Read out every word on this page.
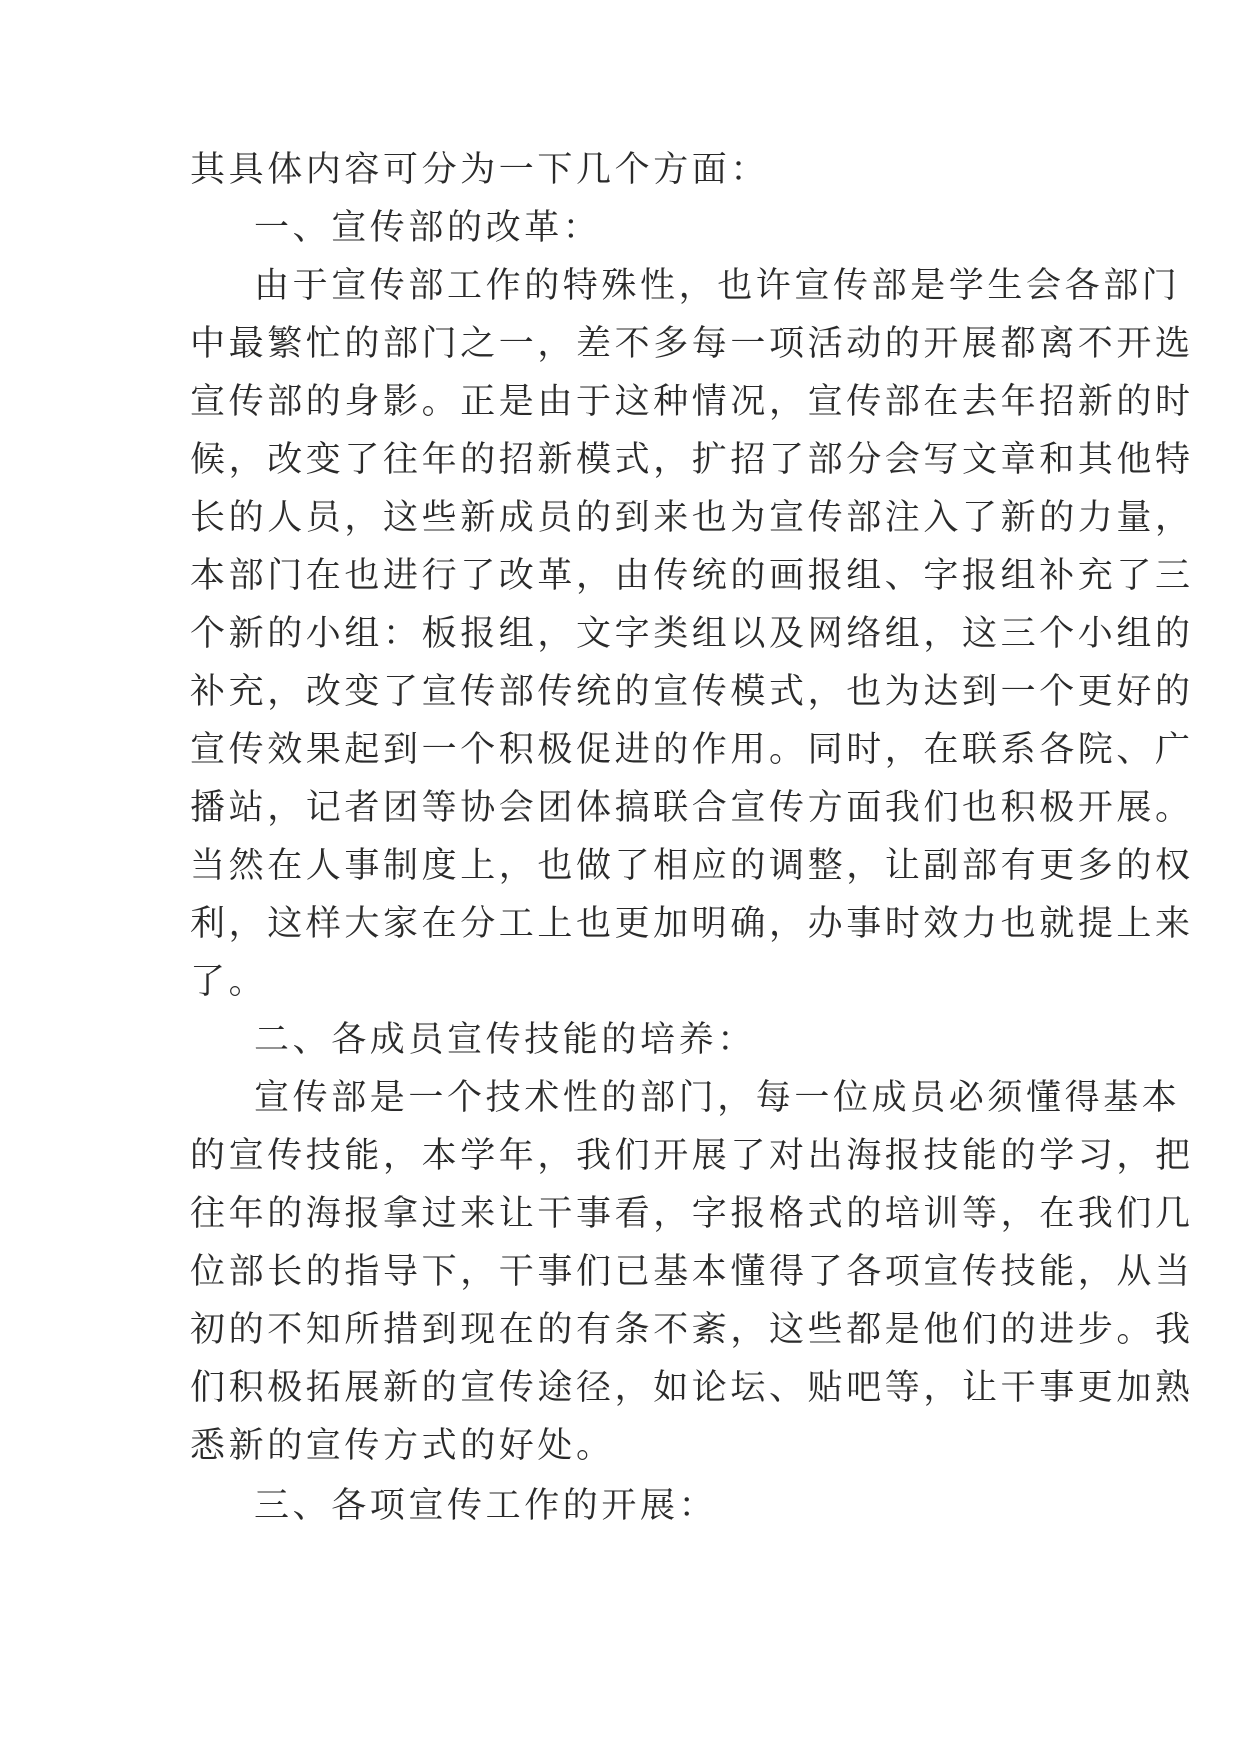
其具体内容可分为一下几个方面：

一、宣传部的改革：

由于宣传部工作的特殊性，也许宣传部是学生会各部门

中最繁忙的部门之一，差不多每一项活动的开展都离不开选

宣传部的身影。正是由于这种情况，宣传部在去年招新的时

候，改变了往年的招新模式，扩招了部分会写文章和其他特

长的人员，这些新成员的到来也为宣传部注入了新的力量，

本部门在也进行了改革，由传统的画报组、字报组补充了三

个新的小组：板报组，文字类组以及网络组，这三个小组的

补充，改变了宣传部传统的宣传模式，也为达到一个更好的

宣传效果起到一个积极促进的作用。同时，在联系各院、广

播站，记者团等协会团体搞联合宣传方面我们也积极开展。

当然在人事制度上，也做了相应的调整，让副部有更多的权

利，这样大家在分工上也更加明确，办事时效力也就提上来

了。

二、各成员宣传技能的培养：

宣传部是一个技术性的部门，每一位成员必须懂得基本

的宣传技能，本学年，我们开展了对出海报技能的学习，把

往年的海报拿过来让干事看，字报格式的培训等，在我们几

位部长的指导下，干事们已基本懂得了各项宣传技能，从当

初的不知所措到现在的有条不紊，这些都是他们的进步。我

们积极拓展新的宣传途径，如论坛、贴吧等，让干事更加熟

悉新的宣传方式的好处。

三、各项宣传工作的开展：
